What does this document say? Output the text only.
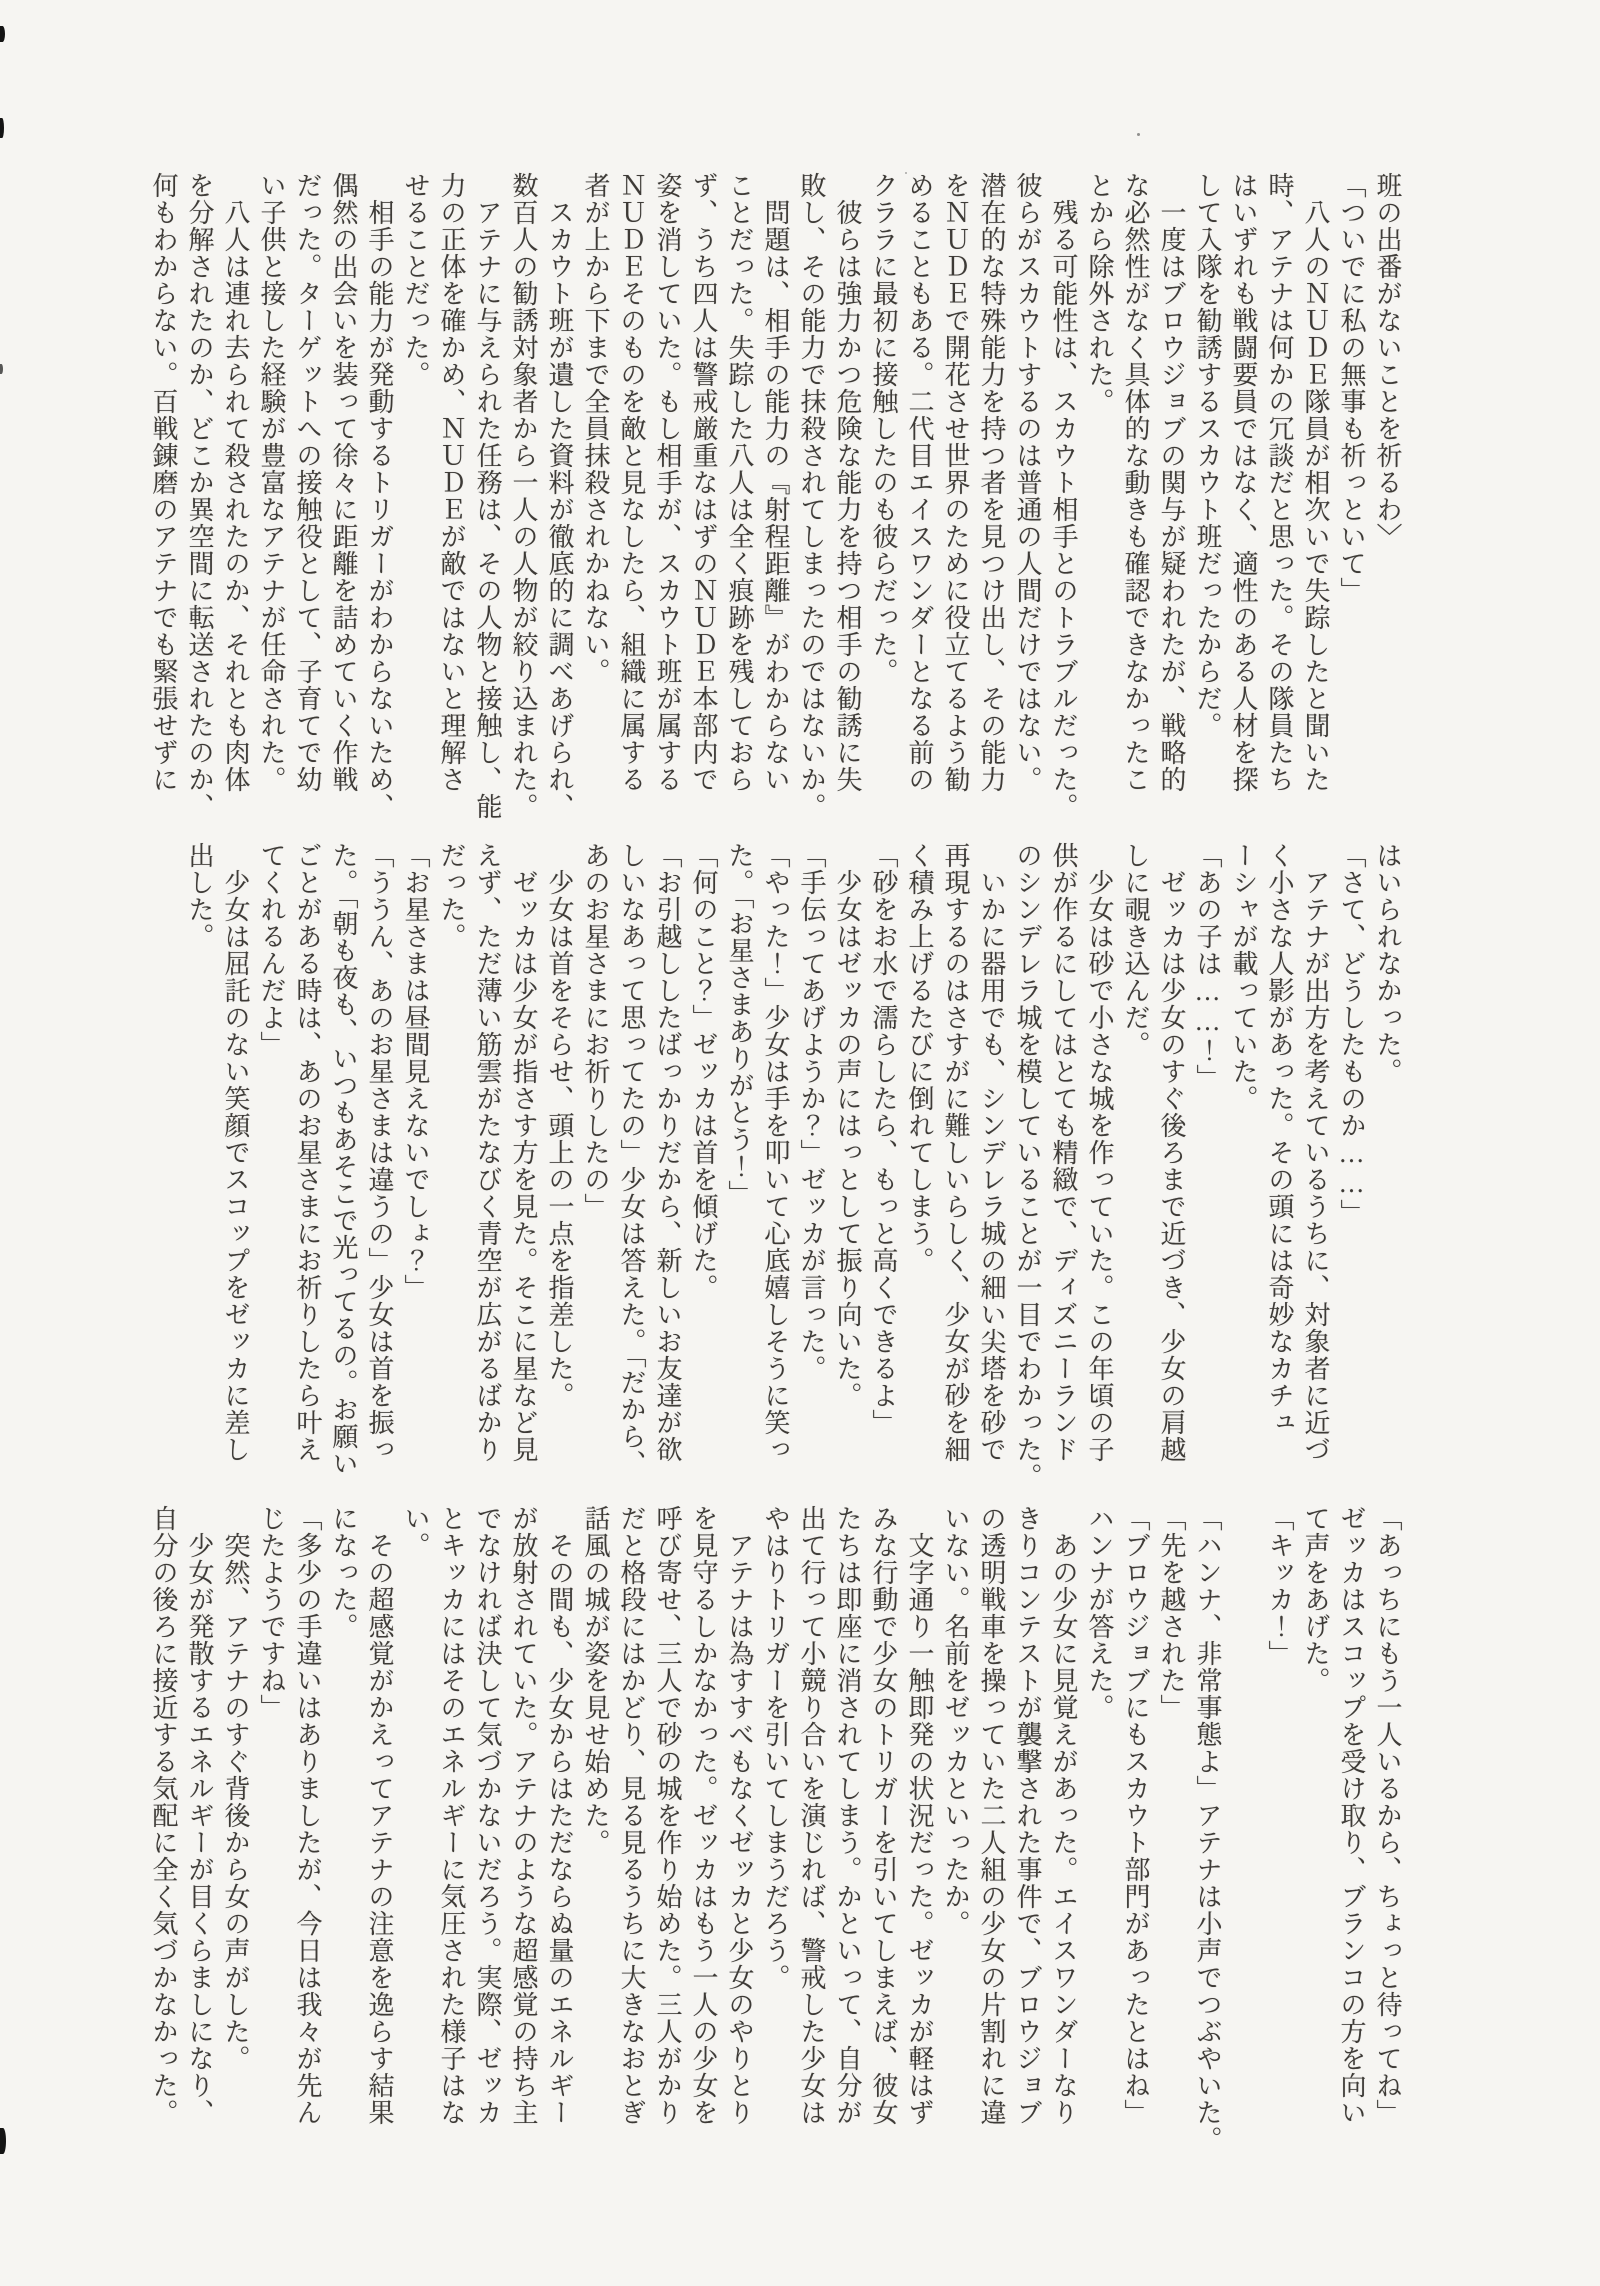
班の出番がないことを祈るわ〉
「ついでに私の無事も祈っといて」
　八人のＮＵＤＥ隊員が相次いで失踪したと聞いた
時、アテナは何かの冗談だと思った。その隊員たち
はいずれも戦闘要員ではなく、適性のある人材を探
して入隊を勧誘するスカウト班だったからだ。
　一度はブロウジョブの関与が疑われたが、戦略的
な必然性がなく具体的な動きも確認できなかったこ
とから除外された。
　残る可能性は、スカウト相手とのトラブルだった。
彼らがスカウトするのは普通の人間だけではない。
潜在的な特殊能力を持つ者を見つけ出し、その能力
をＮＵＤＥで開花させ世界のために役立てるよう勧
めることもある。二代目エイスワンダーとなる前の
クララに最初に接触したのも彼らだった。
　彼らは強力かつ危険な能力を持つ相手の勧誘に失
敗し、その能力で抹殺されてしまったのではないか。
　問題は、相手の能力の『射程距離』がわからない
ことだった。失踪した八人は全く痕跡を残しておら
ず、うち四人は警戒厳重なはずのＮＵＤＥ本部内で
姿を消していた。もし相手が、スカウト班が属する
ＮＵＤＥそのものを敵と見なしたら、組織に属する
者が上から下まで全員抹殺されかねない。
　スカウト班が遺した資料が徹底的に調べあげられ、
数百人の勧誘対象者から一人の人物が絞り込まれた。
　アテナに与えられた任務は、その人物と接触し、能
力の正体を確かめ、ＮＵＤＥが敵ではないと理解さ
せることだった。
　相手の能力が発動するトリガーがわからないため、
偶然の出会いを装って徐々に距離を詰めていく作戦
だった。ターゲットへの接触役として、子育てで幼
い子供と接した経験が豊富なアテナが任命された。
　八人は連れ去られて殺されたのか、それとも肉体
を分解されたのか、どこか異空間に転送されたのか、
何もわからない。百戦錬磨のアテナでも緊張せずに
はいられなかった。
「さて、どうしたものか……」
　アテナが出方を考えているうちに、対象者に近づ
く小さな人影があった。その頭には奇妙なカチュ
ーシャが載っていた。
「あの子は……！」
　ゼッカは少女のすぐ後ろまで近づき、少女の肩越
しに覗き込んだ。
　少女は砂で小さな城を作っていた。この年頃の子
供が作るにしてはとても精緻で、ディズニーランド
のシンデレラ城を模していることが一目でわかった。
　いかに器用でも、シンデレラ城の細い尖塔を砂で
再現するのはさすがに難しいらしく、少女が砂を細
く積み上げるたびに倒れてしまう。
「砂をお水で濡らしたら、もっと高くできるよ」
　少女はゼッカの声にはっとして振り向いた。
「手伝ってあげようか？」ゼッカが言った。
「やった！」少女は手を叩いて心底嬉しそうに笑っ
た。「お星さまありがとう！」
「何のこと？」ゼッカは首を傾げた。
「お引越ししたばっかりだから、新しいお友達が欲
しいなあって思ってたの」少女は答えた。「だから、
あのお星さまにお祈りしたの」
　少女は首をそらせ、頭上の一点を指差した。
　ゼッカは少女が指さす方を見た。そこに星など見
えず、ただ薄い筋雲がたなびく青空が広がるばかり
だった。
「お星さまは昼間見えないでしょ？」
「ううん、あのお星さまは違うの」少女は首を振っ
た。「朝も夜も、いつもあそこで光ってるの。お願い
ごとがある時は、あのお星さまにお祈りしたら叶え
てくれるんだよ」
　少女は屈託のない笑顔でスコップをゼッカに差し
出した。
「あっちにもう一人いるから、ちょっと待ってね」
ゼッカはスコップを受け取り、ブランコの方を向い
て声をあげた。
「キッカ！」

「ハンナ、非常事態よ」アテナは小声でつぶやいた。
「先を越された」
「ブロウジョブにもスカウト部門があったとはね」
ハンナが答えた。
　あの少女に見覚えがあった。エイスワンダーなり
きりコンテストが襲撃された事件で、ブロウジョブ
の透明戦車を操っていた二人組の少女の片割れに違
いない。名前をゼッカといったか。
　文字通り一触即発の状況だった。ゼッカが軽はず
みな行動で少女のトリガーを引いてしまえば、彼女
たちは即座に消されてしまう。かといって、自分が
出て行って小競り合いを演じれば、警戒した少女は
やはりトリガーを引いてしまうだろう。
　アテナは為すすべもなくゼッカと少女のやりとり
を見守るしかなかった。ゼッカはもう一人の少女を
呼び寄せ、三人で砂の城を作り始めた。三人がかり
だと格段にはかどり、見る見るうちに大きなおとぎ
話風の城が姿を見せ始めた。
　その間も、少女からはただならぬ量のエネルギー
が放射されていた。アテナのような超感覚の持ち主
でなければ決して気づかないだろう。実際、ゼッカ
とキッカにはそのエネルギーに気圧された様子はな
い。
　その超感覚がかえってアテナの注意を逸らす結果
になった。
「多少の手違いはありましたが、今日は我々が先ん
じたようですね」
　突然、アテナのすぐ背後から女の声がした。
　少女が発散するエネルギーが目くらましになり、
自分の後ろに接近する気配に全く気づかなかった。
